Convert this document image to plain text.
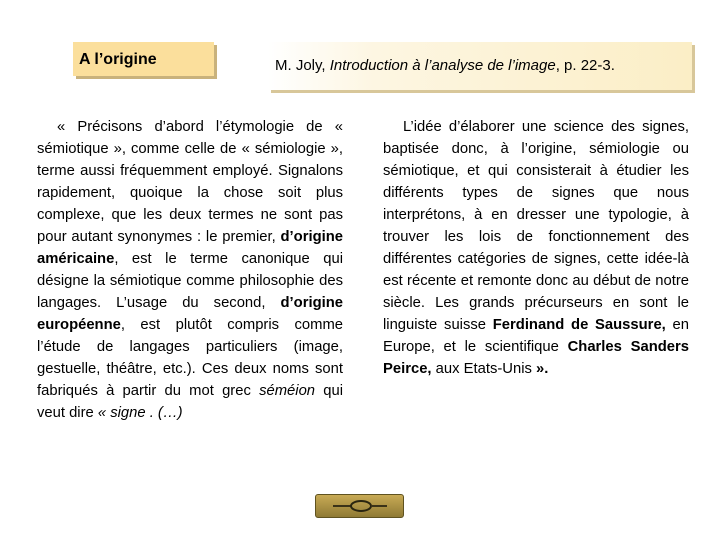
A l’origine	M. Joly, Introduction à l’analyse de l’image, p. 22-3.

« Précisons d’abord l’étymologie de « sémiotique », comme celle de « sémiologie », terme aussi fréquemment employé. Signalons rapidement, quoique la chose soit plus complexe, que les deux termes ne sont pas pour autant synonymes : le premier, d’origine américaine, est le terme canonique qui désigne la sémiotique comme philosophie des langages. L’usage du second, d’origine européenne, est plutôt compris comme l’étude de langages particuliers (image, gestuelle, théâtre, etc.). Ces deux noms sont fabriqués à partir du mot grec séméion qui veut dire « signe . (…)

L’idée d’élaborer une science des signes, baptisée donc, à l’origine, sémiologie ou sémiotique, et qui consisterait à étudier les différents types de signes que nous interprétons, à en dresser une typologie, à trouver les lois de fonctionnement des différentes catégories de signes, cette idée-là est récente et remonte donc au début de notre siècle. Les grands précurseurs en sont le linguiste suisse Ferdinand de Saussure, en Europe, et le scientifique Charles Sanders Peirce, aux Etats-Unis ».
